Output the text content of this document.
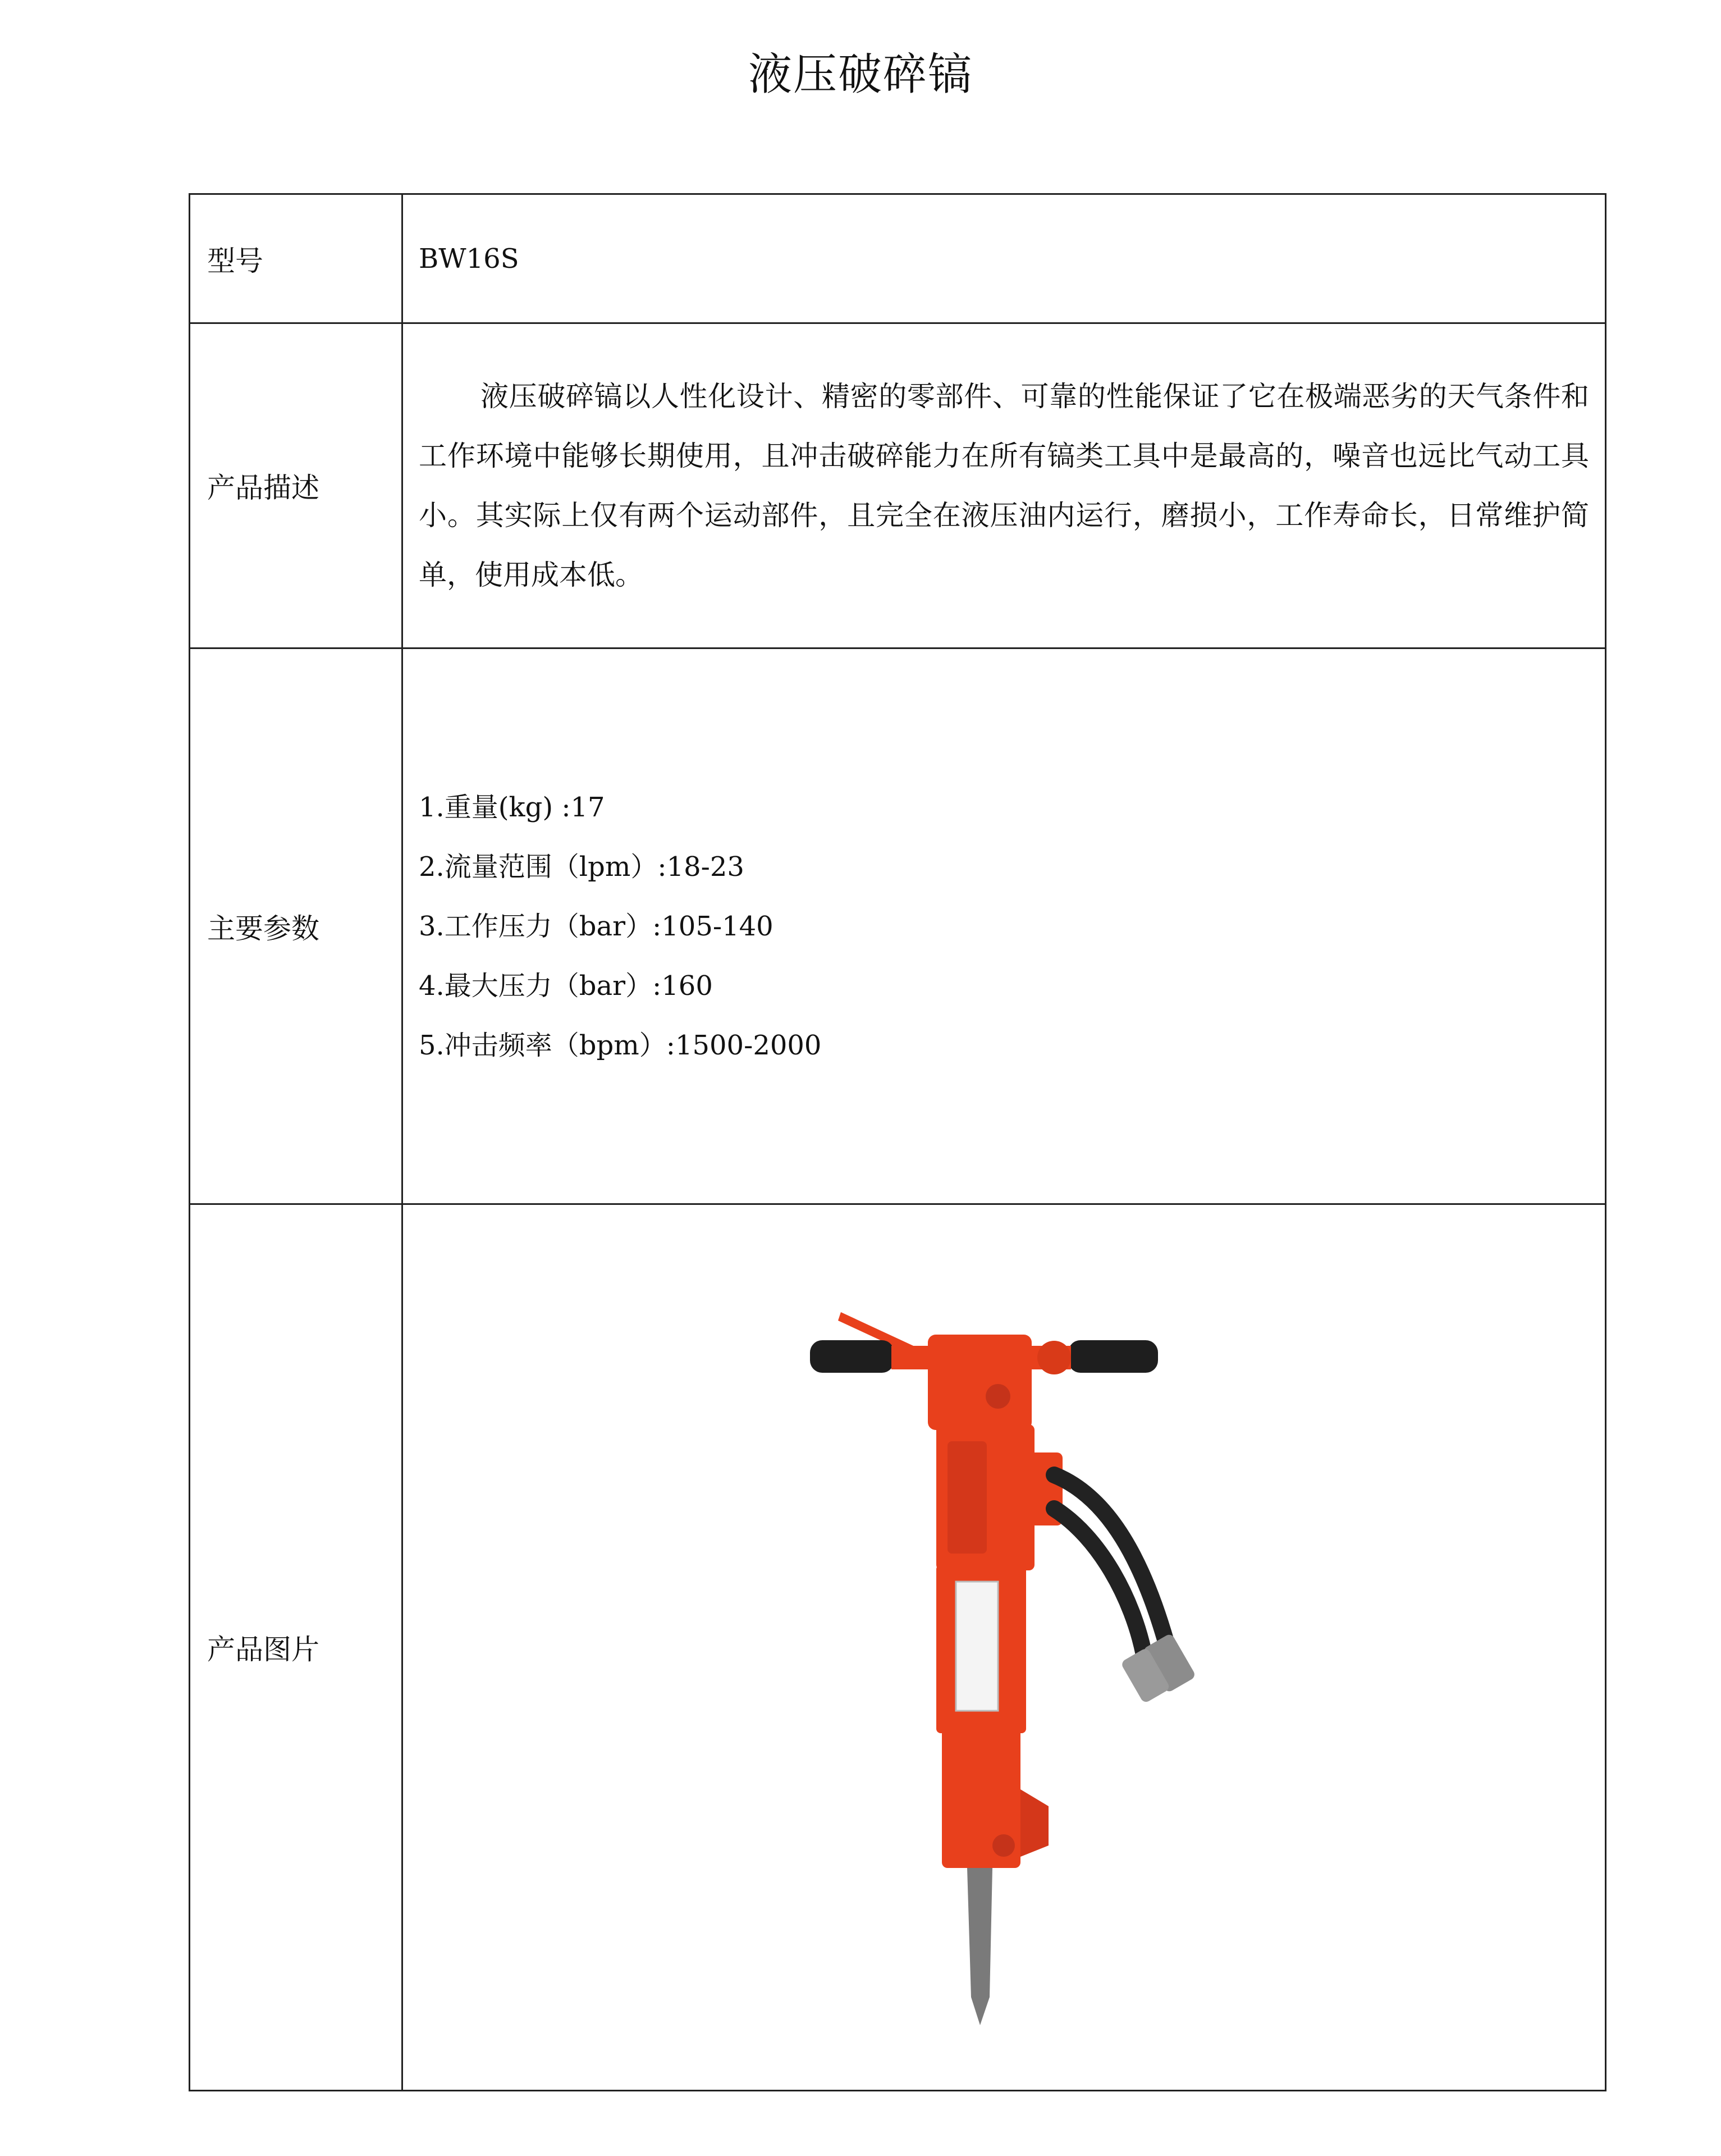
液压破碎镐
型号	BW16S
产品描述	液压破碎镐以人性化设计、精密的零部件、可靠的性能保证了它在极端恶劣的天气条件和工作环境中能够长期使用，且冲击破碎能力在所有镐类工具中是最高的，噪音也远比气动工具小。其实际上仅有两个运动部件，且完全在液压油内运行，磨损小，工作寿命长，日常维护简单，使用成本低。

主要参数	1.重量(kg) :17
2.流量范围（lpm）:18-23
3.工作压力（bar）:105-140
4.最大压力（bar）:160
5.冲击频率（bpm）:1500-2000

产品图片	
